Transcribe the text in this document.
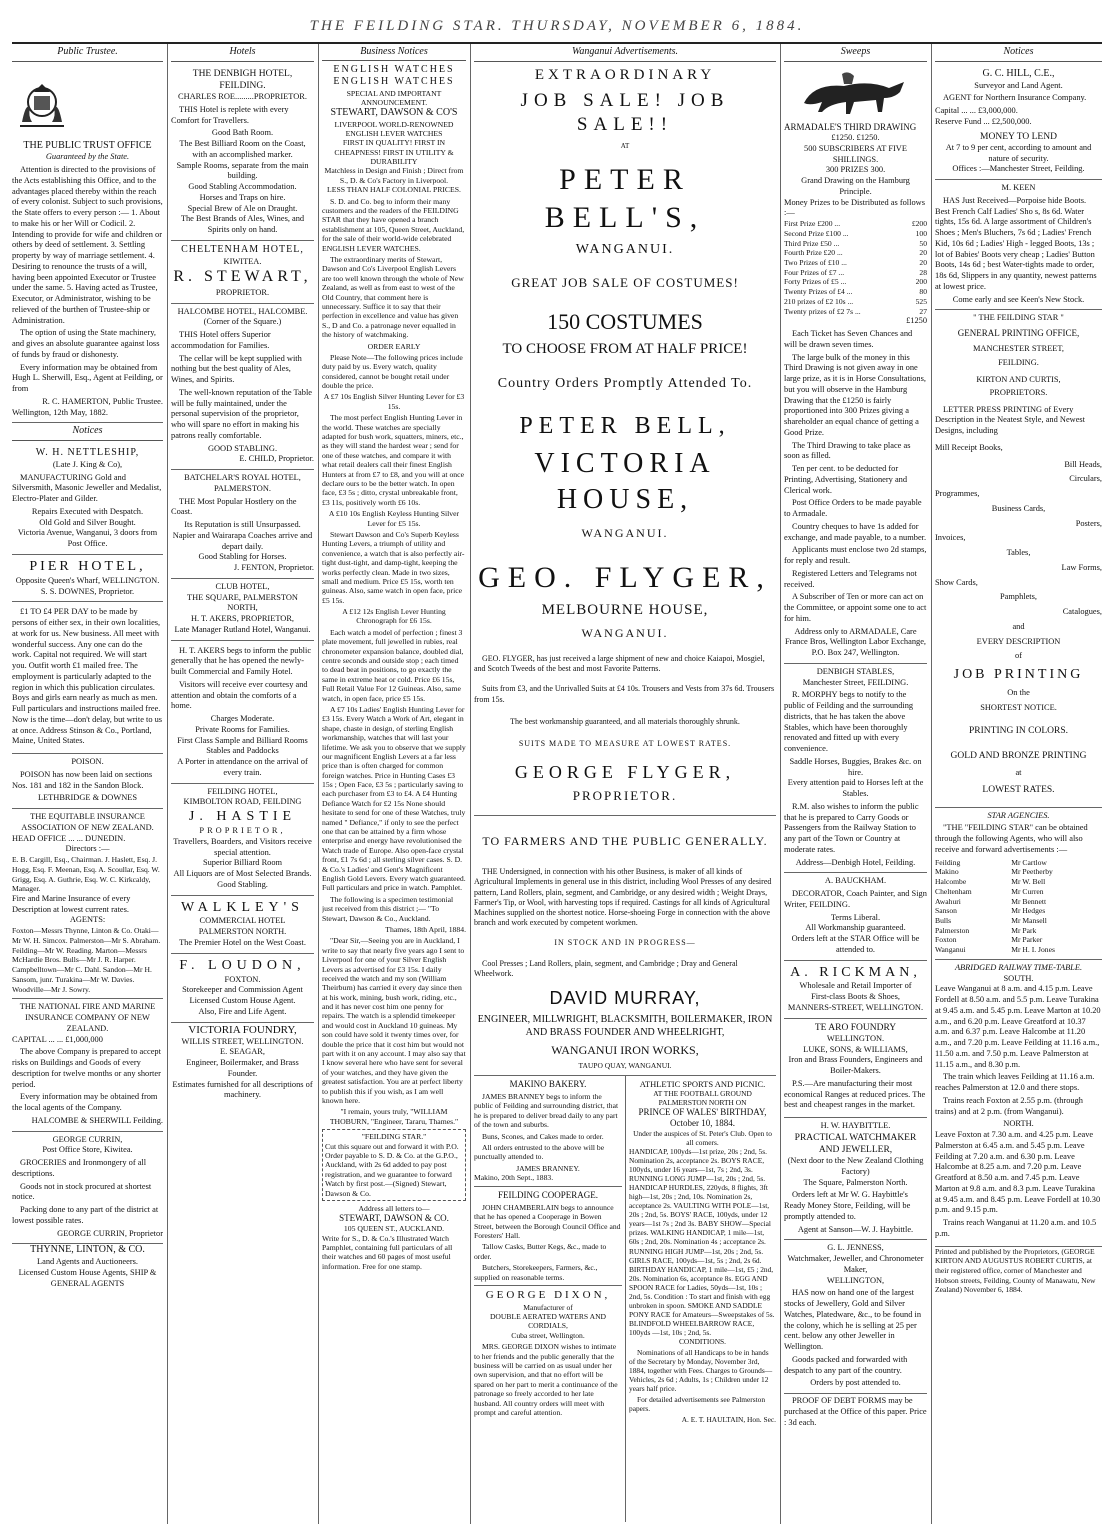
THE FEILDING STAR. THURSDAY, NOVEMBER 6, 1884.
Public Trustee.
THE PUBLIC TRUST OFFICE
Guaranteed by the State.

Attention is directed to the provisions of the Acts establishing this Office, and to the advantages placed thereby within the reach of every colonist. Subject to such provisions, the State offers to every person :— 1. About to make his or her Will or Codicil. 2. Intending to provide for wife and children or others by deed of settlement. 3. Settling property by way of marriage settlement. 4. Desiring to renounce the trusts of a will, having been appointed Executor or Trustee under the same. 5. Having acted as Trustee, Executor, or Administrator, wishing to be relieved of the burthen of Trustee-ship or Administration.

The option of using the State machinery, and gives an absolute guarantee against loss of funds by fraud or dishonesty.

Every information may be obtained from Hugh L. Sherwill, Esq., Agent at Feilding, or from

R. C. HAMERTON, Public Trustee.
Wellington, 12th May, 1882.
Notices
W. H. NETTLESHIP,
(Late J. King & Co),

MANUFACTURING Gold and Silversmith, Masonic Jeweller and Medalist, Electro-Plater and Gilder.

Repairs Executed with Despatch.
Old Gold and Silver Bought.
Victoria Avenue, Wanganui, 3 doors from Post Office.
PIER HOTEL,
Opposite Queen's Wharf, WELLINGTON.
S. S. DOWNES, Proprietor.

£1 TO £4 PER DAY to be made by persons of either sex, in their own localities, at work for us. New business. All meet with wonderful success. Any one can do the work. Capital not required. We will start you. Outfit worth £1 mailed free. The employment is particularly adapted to the region in which this publication circulates. Boys and girls earn nearly as much as men. Full particulars and instructions mailed free. Now is the time—don't delay, but write to us at once. Address Stinson & Co., Portland, Maine, United States.

POISON.

POISON has now been laid on sections Nos. 181 and 182 in the Sandon Block.

LETHBRIDGE & DOWNES
THE EQUITABLE INSURANCE ASSOCIATION OF NEW ZEALAND.
HEAD OFFICE ... ... DUNEDIN.
Directors :—
E. B. Cargill, Esq., Chairman. J. Haslett, Esq. J. Hogg, Esq. F. Meenan, Esq. A. Scoullar, Esq. W. Grigg, Esq. A. Guthrie, Esq. W. C. Kirkcaldy, Manager.
Fire and Marine Insurance of every Description at lowest current rates.
AGENTS:
Foxton—Messrs Thynne, Linton & Co. Otaki—Mr W. H. Simcox. Palmerston—Mr S. Abraham. Feilding—Mr W. Reading. Marton—Messrs McHardie Bros. Bulls—Mr J. R. Harper. Campbelltown—Mr C. Dahl. Sandon—Mr H. Sansom, junr. Turakina—Mr W. Davies. Woodville—Mr J. Sowry.
THE NATIONAL FIRE AND MARINE INSURANCE COMPANY OF NEW ZEALAND.
CAPITAL ... ... £1,000,000

The above Company is prepared to accept risks on Buildings and Goods of every description for twelve months or any shorter period.

Every information may be obtained from the local agents of the Company.

HALCOMBE & SHERWILL Feilding.
GEORGE CURRIN,
Post Office Store, Kiwitea.

GROCERIES and Ironmongery of all descriptions.

Goods not in stock procured at shortest notice.

Packing done to any part of the district at lowest possible rates.

GEORGE CURRIN, Proprietor
THYNNE, LINTON, & CO.
Land Agents and Auctioneers.
Licensed Custom House Agents, SHIP & GENERAL AGENTS
Hotels
THE DENBIGH HOTEL, FEILDING.
CHARLES ROE.........PROPRIETOR.

THIS Hotel is replete with every Comfort for Travellers.

Good Bath Room.
The Best Billiard Room on the Coast, with an accomplished marker.
Sample Rooms, separate from the main building.
Good Stabling Accommodation.
Horses and Traps on hire.
Special Brew of Ale on Draught.
The Best Brands of Ales, Wines, and Spirits only on hand.
CHELTENHAM HOTEL,
KIWITEA.
R. STEWART,
PROPRIETOR.
HALCOMBE HOTEL, HALCOMBE.
(Corner of the Square.)

THIS Hotel offers Superior accommodation for Families.

The cellar will be kept supplied with nothing but the best quality of Ales, Wines, and Spirits.

The well-known reputation of the Table will be fully maintained, under the personal supervision of the proprietor, who will spare no effort in making his patrons really comfortable.

GOOD STABLING.
E. CHILD, Proprietor.
BATCHELAR'S ROYAL HOTEL,
PALMERSTON.

THE Most Popular Hostlery on the Coast.

Its Reputation is still Unsurpassed.
Napier and Wairarapa Coaches arrive and depart daily.
Good Stabling for Horses.
J. FENTON, Proprietor.
CLUB HOTEL,
THE SQUARE, PALMERSTON NORTH,
H. T. AKERS, PROPRIETOR,
Late Manager Rutland Hotel, Wanganui.

H. T. AKERS begs to inform the public generally that he has opened the newly-built Commercial and Family Hotel.

Visitors will receive ever courtesy and attention and obtain the comforts of a home.

Charges Moderate.
Private Rooms for Families.
First Class Sample and Billiard Rooms Stables and Paddocks
A Porter in attendance on the arrival of every train.
FEILDING HOTEL,
KIMBOLTON ROAD, FEILDING
J. HASTIE
PROPRIETOR,
Travellers, Boarders, and Visitors receive special attention.
Superior Billiard Room
All Liquors are of Most Selected Brands.
Good Stabling.
WALKLEY'S
COMMERCIAL HOTEL
PALMERSTON NORTH.
The Premier Hotel on the West Coast.
F. LOUDON,
FOXTON.
Storekeeper and Commission Agent
Licensed Custom House Agent.
Also, Fire and Life Agent.
VICTORIA FOUNDRY,
WILLIS STREET, WELLINGTON.
E. SEAGAR,
Engineer, Boilermaker, and Brass Founder.
Estimates furnished for all descriptions of machinery.
Business Notices
ENGLISH WATCHES ENGLISH WATCHES
SPECIAL AND IMPORTANT ANNOUNCEMENT.
STEWART, DAWSON & CO'S
LIVERPOOL WORLD-RENOWNED ENGLISH LEVER WATCHES
FIRST IN QUALITY! FIRST IN CHEAPNESS! FIRST IN UTILITY & DURABILITY
Matchless in Design and Finish ; Direct from S., D. & Co's Factory in Liverpool.
LESS THAN HALF COLONIAL PRICES.

S. D. and Co. beg to inform their many customers and the readers of the FEILDING STAR that they have opened a branch establishment at 105, Queen Street, Auckland, for the sale of their world-wide celebrated ENGLISH LEVER WATCHES.

The extraordinary merits of Stewart, Dawson and Co's Liverpool English Levers are too well known through the whole of New Zealand, as well as from east to west of the Old Country, that comment here is unnecessary. Suffice it to say that their perfection in excellence and value has given S., D and Co. a patronage never equalled in the history of watchmaking.

ORDER EARLY

Please Note—The following prices include duty paid by us. Every watch, quality considered, cannot be bought retail under double the price.

A £7 10s English Silver Hunting Lever for £3 15s.

The most perfect English Hunting Lever in the world. These watches are specially adapted for bush work, squatters, miners, etc., as they will stand the hardest wear ; send for one of these watches, and compare it with what retail dealers call their finest English Hunters at from £7 to £8, and you will at once declare ours to be the better watch. In open face, £3 5s ; ditto, crystal unbreakable front, £3 11s, positively worth £6 10s.

A £10 10s English Keyless Hunting Silver Lever for £5 15s.

Stewart Dawson and Co's Superb Keyless Hunting Levers, a triumph of utility and convenience, a watch that is also perfectly air-tight dust-tight, and damp-tight, keeping the works perfectly clean. Made in two sizes, small and medium. Price £5 15s, worth ten guineas. Also, same watch in open face, price £5 15s.

A £12 12s English Lever Hunting Chronograph for £6 15s.

Each watch a model of perfection ; finest 3 plate movement, full jewelled in rubies, real chronometer expansion balance, doubled dial, centre seconds and outside stop ; each timed to dead beat in positions, to go exactly the same in extreme heat or cold. Price £6 15s, Full Retail Value For 12 Guineas. Also, same watch, in open face, price £5 15s.

A £7 10s Ladies' English Hunting Lever for £3 15s. Every Watch a Work of Art, elegant in shape, chaste in design, of sterling English workmanship, watches that will last your lifetime. We ask you to observe that we supply our magnificent English Levers at a far less price than is often charged for common foreign watches. Price in Hunting Cases £3 15s ; Open Face, £3 5s ; particularly saving to each purchaser from £3 to £4. A £4 Hunting Defiance Watch for £2 15s None should hesitate to send for one of these Watches, truly named " Defiance," if only to see the perfect one that can be attained by a firm whose enterprise and energy have revolutionised the Watch trade of Europe. Also open-face crystal front, £1 7s 6d ; all sterling silver cases. S. D. & Co.'s Ladies' and Gent's Magnificent English Gold Levers. Every watch guaranteed. Full particulars and price in watch. Pamphlet.

The following is a specimen testimonial just received from this district ;— "To Stewart, Dawson & Co., Auckland.

Thames, 18th April, 1884.

"Dear Sir,—Seeing you are in Auckland, I write to say that nearly five years ago I sent to Liverpool for one of your Silver English Levers as advertised for £3 15s. I daily received the watch and my son (William Theirburn) has carried it every day since then at his work, mining, bush work, riding, etc., and it has never cost him one penny for repairs. The watch is a splendid timekeeper and would cost in Auckland 10 guineas. My son could have sold it twenty times over, for double the price that it cost him but would not part with it on any account. I may also say that I know several here who have sent for several of your watches, and they have given the greatest satisfaction. You are at perfect liberty to publish this if you wish, as I am well known here.

"I remain, yours truly, "WILLIAM THOBURN, "Engineer, Tararu, Thames."
"FEILDING STAR."
Cut this square out and forward it with P.O. Order payable to S. D. & Co. at the G.P.O., Auckland, with 2s 6d added to pay post registration, and we guarantee to forward Watch by first post.—(Signed) Stewart, Dawson & Co.
Address all letters to—
STEWART, DAWSON & CO.
105 QUEEN ST., AUCKLAND.
Write for S., D. & Co.'s Illustrated Watch Pamphlet, containing full particulars of all their watches and 60 pages of most useful information. Free for one stamp.
Wanganui Advertisements.
EXTRAORDINARY
JOB SALE! JOB SALE!!
AT
PETER BELL'S,
WANGANUI.
GREAT JOB SALE OF COSTUMES!
150 COSTUMES
TO CHOOSE FROM AT HALF PRICE!
Country Orders Promptly Attended To.
PETER BELL,
VICTORIA HOUSE,
WANGANUI.
GEO. FLYGER,
MELBOURNE HOUSE,
WANGANUI.

GEO. FLYGER, has just received a large shipment of new and choice Kaiapoi, Mosgiel, and Scotch Tweeds of the best and most Favorite Patterns.

Suits from £3, and the Unrivalled Suits at £4 10s. Trousers and Vests from 37s 6d. Trousers from 15s.

The best workmanship guaranteed, and all materials thoroughly shrunk.
SUITS MADE TO MEASURE AT LOWEST RATES.
GEORGE FLYGER,
PROPRIETOR.
TO FARMERS AND THE PUBLIC GENERALLY.

THE Undersigned, in connection with his other Business, is maker of all kinds of Agricultural Implements in general use in this district, including Wool Presses of any desired pattern, Land Rollers, plain, segment, and Cambridge, or any desired width ; Weight Drays, Farmer's Tip, or Wool, with harvesting tops if required. Castings for all kinds of Agricultural Machines supplied on the shortest notice. Horse-shoeing Forge in connection with the above branch and work executed by competent workmen.

IN STOCK AND IN PROGRESS—

Cool Presses ; Land Rollers, plain, segment, and Cambridge ; Dray and General Wheelwork.

DAVID MURRAY,
ENGINEER, MILLWRIGHT, BLACKSMITH, BOILERMAKER, IRON AND BRASS FOUNDER AND WHEELRIGHT,
WANGANUI IRON WORKS,
TAUPO QUAY, WANGANUI.
MAKINO BAKERY.

JAMES BRANNEY begs to inform the public of Feilding and surrounding district, that he is prepared to deliver bread daily to any part of the town and suburbs.

Buns, Scones, and Cakes made to order.

All orders entrusted to the above will be punctually attended to.

JAMES BRANNEY.
Makino, 20th Sept., 1883.
FEILDING COOPERAGE.

JOHN CHAMBERLAIN begs to announce that he has opened a Cooperage in Bowen Street, between the Borough Council Office and Foresters' Hall.

Tallow Casks, Butter Kegs, &c., made to order.

Butchers, Storekeepers, Farmers, &c., supplied on reasonable terms.

GEORGE DIXON,
Manufacturer of
DOUBLE AERATED WATERS AND CORDIALS,
Cuba street, Wellington.

MRS. GEORGE DIXON wishes to intimate to her friends and the public generally that the business will be carried on as usual under her own supervision, and that no effort will be spared on her part to merit a continuance of the patronage so freely accorded to her late husband. All country orders will meet with prompt and careful attention.

ATHLETIC SPORTS AND PICNIC.
AT THE FOOTBALL GROUND PALMERSTON NORTH ON
PRINCE OF WALES' BIRTHDAY, October 10, 1884.
Under the auspices of St. Peter's Club. Open to all comers.
HANDICAP, 100yds—1st prize, 20s ; 2nd, 5s. Nomination 2s, acceptance 2s. BOYS RACE, 100yds, under 16 years—1st, 7s ; 2nd, 3s. RUNNING LONG JUMP—1st, 20s ; 2nd, 5s. HANDICAP HURDLES, 220yds, 8 flights, 3ft high—1st, 20s ; 2nd, 10s. Nomination 2s, acceptance 2s. VAULTING WITH POLE—1st, 20s ; 2nd, 5s. BOYS' RACE, 100yds, under 12 years—1st 7s ; 2nd 3s. BABY SHOW—Special prizes. WALKING HANDICAP, 1 mile—1st, 60s ; 2nd, 20s. Nomination 4s ; acceptance 2s. RUNNING HIGH JUMP—1st, 20s ; 2nd, 5s. GIRLS RACE, 100yds—1st, 5s ; 2nd, 2s 6d. BIRTHDAY HANDICAP, 1 mile—1st, £5 ; 2nd, 20s. Nomination 6s, acceptance 8s. EGG AND SPOON RACE for Ladies, 50yds—1st, 10s ; 2nd, 5s. Condition : To start and finish with egg unbroken in spoon. SMOKE AND SADDLE PONY RACE for Amateurs—Sweepstakes of 5s. BLINDFOLD WHEELBARROW RACE, 100yds —1st, 10s ; 2nd, 5s.
CONDITIONS.

Nominations of all Handicaps to be in hands of the Secretary by Monday, November 3rd, 1884, together with Fees. Charges to Grounds—Vehicles, 2s 6d ; Adults, 1s ; Children under 12 years half price.

For detailed advertisements see Palmerston papers.

A. E. T. HAULTAIN, Hon. Sec.
Sweeps
ARMADALE'S THIRD DRAWING
£1250. £1250.
500 SUBSCRIBERS AT FIVE SHILLINGS.
300 PRIZES 300.
Grand Drawing on the Hamburg Principle.
Money Prizes to be Distributed as follows :—
First Prize £200 ...	£200
Second Prize £100 ...	100
Third Prize £50 ...	50
Fourth Prize £20 ...	20
Two Prizes of £10 ...	20
Four Prizes of £7 ...	28
Forty Prizes of £5 ...	200
Twenty Prizes of £4 ...	80
210 prizes of £2 10s ...	525
Twenty prizes of £2 7s ...	27
£1250

Each Ticket has Seven Chances and will be drawn seven times.

The large bulk of the money in this Third Drawing is not given away in one large prize, as it is in Horse Consultations, but you will observe in the Hamburg Drawing that the £1250 is fairly proportioned into 300 Prizes giving a shareholder an equal chance of getting a Good Prize.

The Third Drawing to take place as soon as filled.

Ten per cent. to be deducted for Printing, Advertising, Stationery and Clerical work.

Post Office Orders to be made payable to Armadale.

Country cheques to have 1s added for exchange, and made payable, to a number.

Applicants must enclose two 2d stamps, for reply and result.

Registered Letters and Telegrams not received.

A Subscriber of Ten or more can act on the Committee, or appoint some one to act for him.

Address only to ARMADALE, Care France Bros, Wellington Labor Exchange, P.O. Box 247, Wellington.
DENBIGH STABLES,
Manchester Street, FEILDING.

R. MORPHY begs to notify to the public of Feilding and the surrounding districts, that he has taken the above Stables, which have been thoroughly renovated and fitted up with every convenience.

Saddle Horses, Buggies, Brakes &c. on hire.
Every attention paid to Horses left at the Stables.

R.M. also wishes to inform the public that he is prepared to Carry Goods or Passengers from the Railway Station to any part of the Town or Country at moderate rates.

Address—Denbigh Hotel, Feilding.
A. BAUCKHAM.

DECORATOR, Coach Painter, and Sign Writer, FEILDING.

Terms Liberal.
All Workmanship guaranteed.
Orders left at the STAR Office will be attended to.
A. RICKMAN,
Wholesale and Retail Importer of
First-class Boots & Shoes,
MANNERS-STREET, WELLINGTON.
TE ARO FOUNDRY
WELLINGTON.
LUKE, SONS, & WILLIAMS,
Iron and Brass Founders, Engineers and Boiler-Makers.

P.S.—Are manufacturing their most economical Ranges at reduced prices. The best and cheapest ranges in the market.

H. W. HAYBITTLE.
PRACTICAL WATCHMAKER AND JEWELLER,
(Next door to the New Zealand Clothing Factory)
The Square, Palmerston North.

Orders left at Mr W. G. Haybittle's Ready Money Store, Feilding, will be promptly attended to.

Agent at Sanson—W. J. Haybittle.
G. L. JENNESS,
Watchmaker, Jeweller, and Chronometer Maker,
WELLINGTON,

HAS now on hand one of the largest stocks of Jewellery, Gold and Silver Watches, Platedware, &c., to be found in the colony, which he is selling at 25 per cent. below any other Jeweller in Wellington.

Goods packed and forwarded with despatch to any part of the country.

Orders by post attended to.

PROOF OF DEBT FORMS may be purchased at the Office of this paper. Price : 3d each.

Notices
G. C. HILL, C.E.,
Surveyor and Land Agent.

AGENT for Northern Insurance Company.

Capital ... ... £3,000,000.
Reserve Fund ... £2,500,000.
MONEY TO LEND
At 7 to 9 per cent, according to amount and nature of security.
Offices :—Manchester Street, Feilding.
M. KEEN

HAS Just Received—Porpoise hide Boots. Best French Calf Ladies' Sho s, 8s 6d. Water tights, 15s 6d. A large assortment of Children's Shoes ; Men's Bluchers, 7s 6d ; Ladies' French Kid, 10s 6d ; Ladies' High - legged Boots, 13s ; lot of Babies' Boots very cheap ; Ladies' Button Boots, 14s 6d ; best Water-tights made to order, 18s 6d, Slippers in any quantity, newest patterns at lowest price.

Come early and see Keen's New Stock.
" THE FEILDING STAR "
GENERAL PRINTING OFFICE,
MANCHESTER STREET,
FEILDING.
KIRTON AND CURTIS,
PROPRIETORS.

LETTER PRESS PRINTING of Every Description in the Neatest Style, and Newest Designs, including

Mill Receipt Books,
Bill Heads,
Circulars,
Programmes,
Business Cards,
Posters,
Invoices,
Tables,
Law Forms,
Show Cards,
Pamphlets,
Catalogues,
and
EVERY DESCRIPTION
of
JOB PRINTING
On the
SHORTEST NOTICE.
PRINTING IN COLORS.
GOLD AND BRONZE PRINTING
at
LOWEST RATES.
STAR AGENCIES.

"THE "FEILDING STAR" can be obtained through the following Agents, who will also receive and forward advertisements :—

Feilding	Mr Cartlow
Makino	Mr Peetherby
Halcombe	Mr W. Bell
Cheltenham	Mr Curren
Awahuri	Mr Bennett
Sanson	Mr Hedges
Bulls	Mr Mansell
Palmerston	Mr Park
Foxton	Mr Parker
Wanganui	Mr H. I. Jones
ABRIDGED RAILWAY TIME-TABLE.
SOUTH.
Leave Wanganui at 8 a.m. and 4.15 p.m. Leave Fordell at 8.50 a.m. and 5.5 p.m. Leave Turakina at 9.45 a.m. and 5.45 p.m. Leave Marton at 10.20 a.m., and 6.20 p.m. Leave Greatford at 10.37 a.m. and 6.37 p.m. Leave Halcombe at 11.20 a.m., and 7.20 p.m. Leave Feilding at 11.16 a.m., 11.50 a.m. and 7.50 p.m. Leave Palmerston at 11.15 a.m., and 8.30 p.m.

The train which leaves Feilding at 11.16 a.m. reaches Palmerston at 12.0 and there stops.

Trains reach Foxton at 2.55 p.m. (through trains) and at 2 p.m. (from Wanganui).

NORTH.
Leave Foxton at 7.30 a.m. and 4.25 p.m. Leave Palmerston at 6.45 a.m. and 5.45 p.m. Leave Feilding at 7.20 a.m. and 6.30 p.m. Leave Halcombe at 8.25 a.m. and 7.20 p.m. Leave Greatford at 8.50 a.m. and 7.45 p.m. Leave Marton at 9.8 a.m. and 8.3 p.m. Leave Turakina at 9.45 a.m. and 8.45 p.m. Leave Fordell at 10.30 p.m. and 9.15 p.m.

Trains reach Wanganui at 11.20 a.m. and 10.5 p.m.

Printed and published by the Proprietors, (GEORGE KIRTON AND AUGUSTUS ROBERT CURTIS, at their registered office, corner of Manchester and Hobson streets, Feilding, County of Manawatu, New Zealand) November 6, 1884.
